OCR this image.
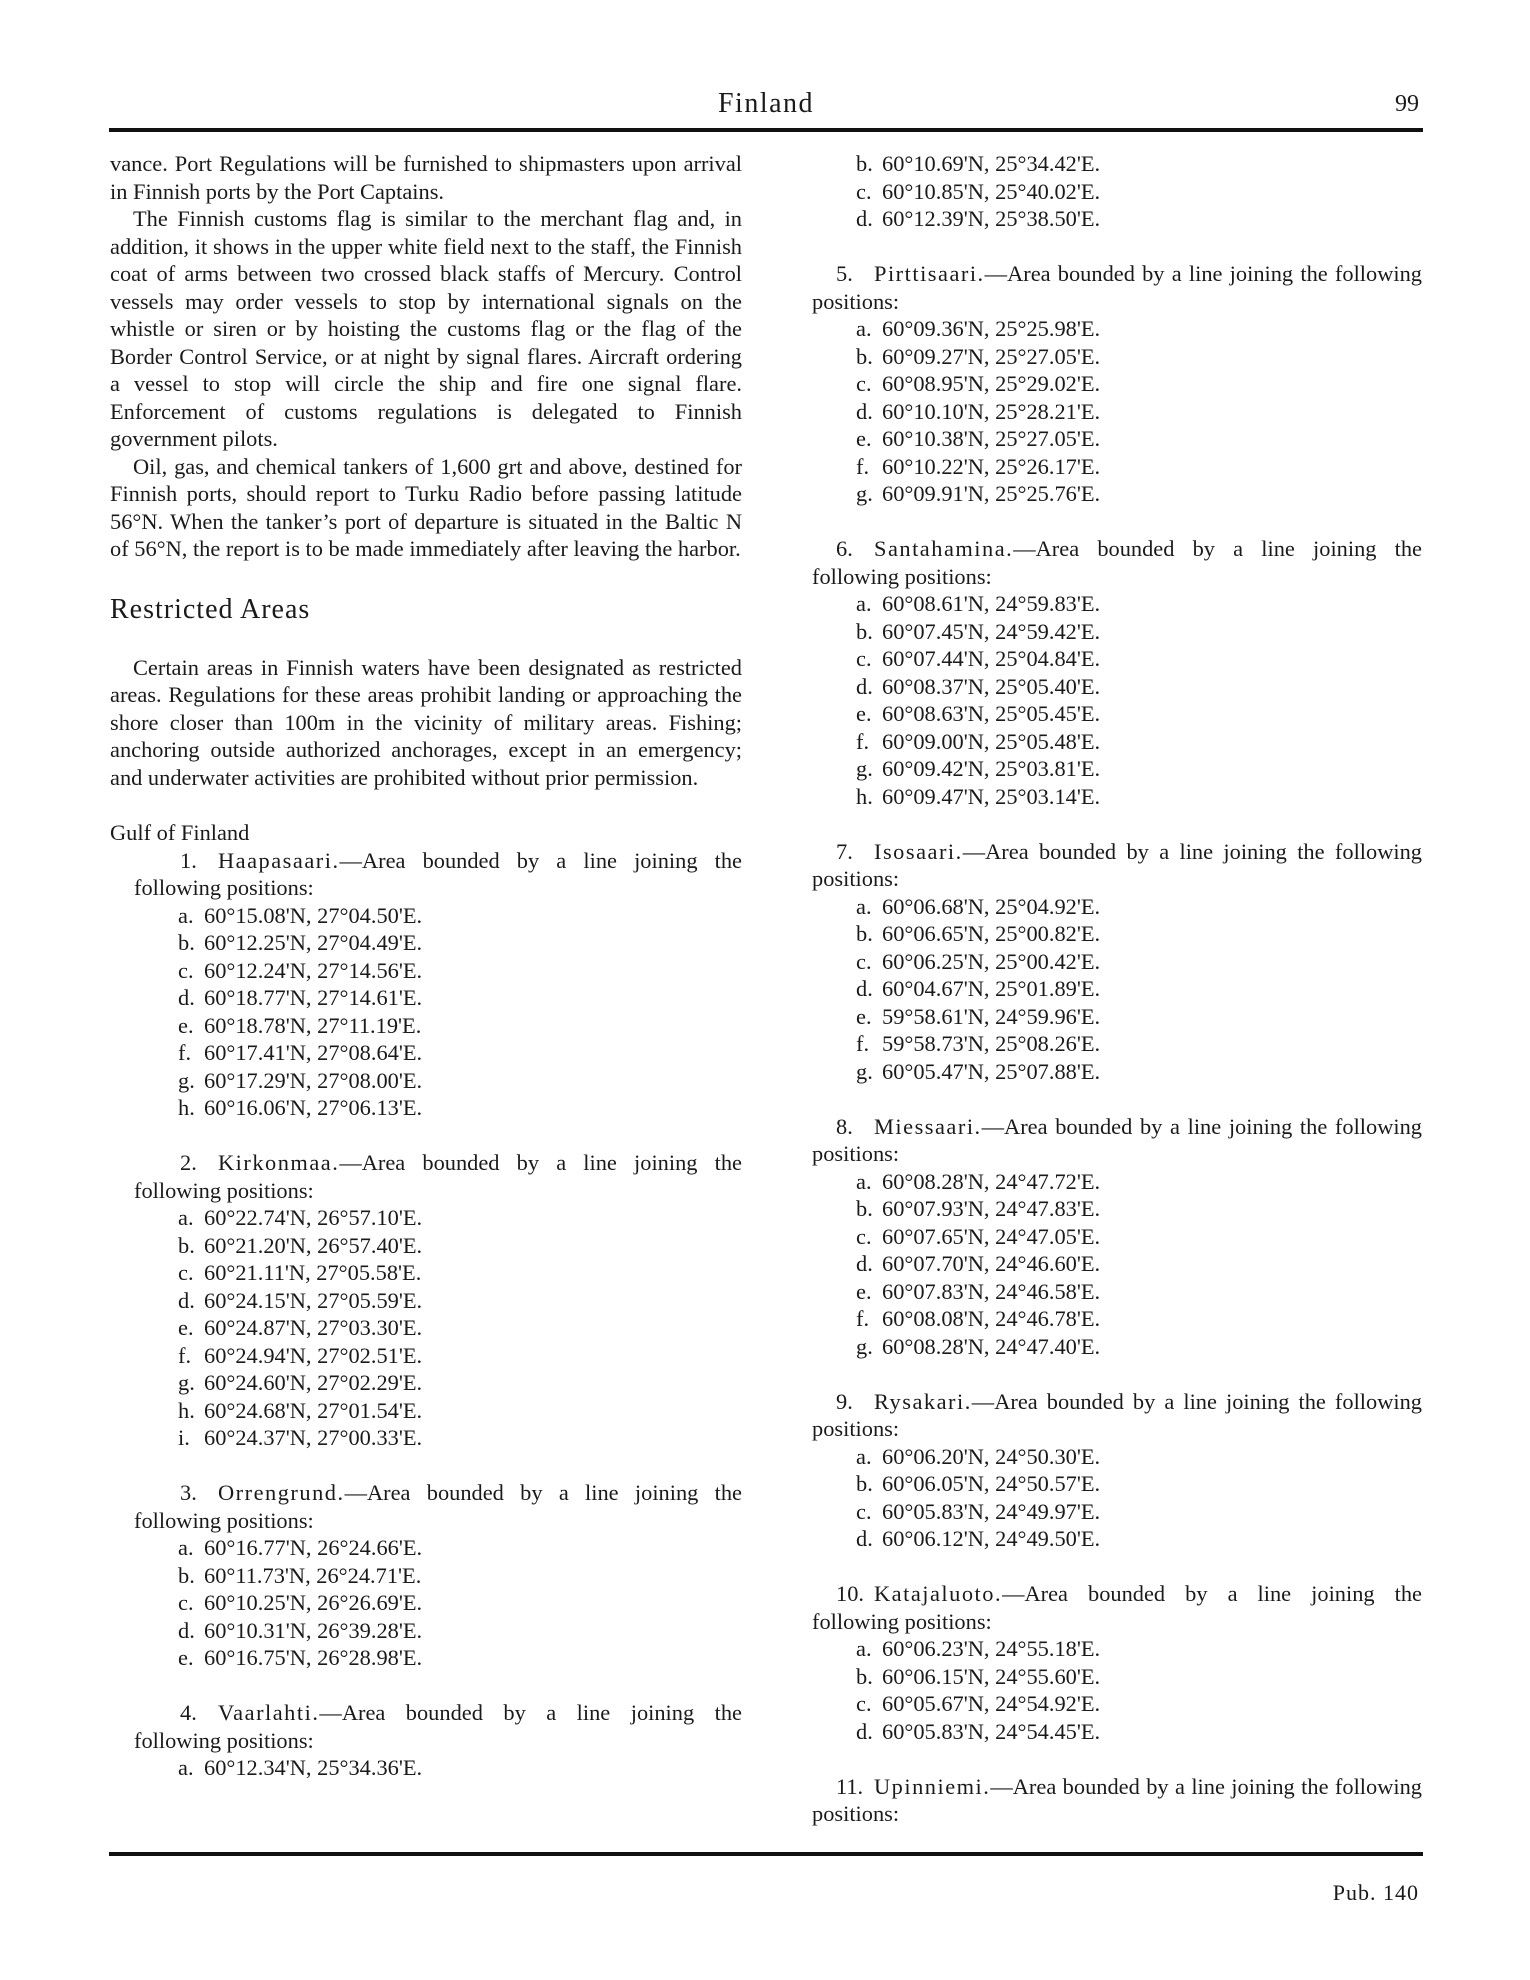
Finland	99

vance. Port Regulations will be furnished to shipmasters upon arrival in Finnish ports by the Port Captains.

The Finnish customs flag is similar to the merchant flag and, in addition, it shows in the upper white field next to the staff, the Finnish coat of arms between two crossed black staffs of Mercury. Control vessels may order vessels to stop by international signals on the whistle or siren or by hoisting the customs flag or the flag of the Border Control Service, or at night by signal flares. Aircraft ordering a vessel to stop will circle the ship and fire one signal flare. Enforcement of customs regulations is delegated to Finnish government pilots.

Oil, gas, and chemical tankers of 1,600 grt and above, destined for Finnish ports, should report to Turku Radio before passing latitude 56°N. When the tanker’s port of departure is situated in the Baltic N of 56°N, the report is to be made immediately after leaving the harbor.

Restricted Areas

Certain areas in Finnish waters have been designated as restricted areas. Regulations for these areas prohibit landing or approaching the shore closer than 100m in the vicinity of military areas. Fishing; anchoring outside authorized anchorages, except in an emergency; and underwater activities are prohibited without prior permission.

Gulf of Finland
1. Haapasaari.—Area bounded by a line joining the following positions:
a. 60°15.08'N, 27°04.50'E.
b. 60°12.25'N, 27°04.49'E.
c. 60°12.24'N, 27°14.56'E.
d. 60°18.77'N, 27°14.61'E.
e. 60°18.78'N, 27°11.19'E.
f. 60°17.41'N, 27°08.64'E.
g. 60°17.29'N, 27°08.00'E.
h. 60°16.06'N, 27°06.13'E.
2. Kirkonmaa.—Area bounded by a line joining the following positions:
a. 60°22.74'N, 26°57.10'E.
b. 60°21.20'N, 26°57.40'E.
c. 60°21.11'N, 27°05.58'E.
d. 60°24.15'N, 27°05.59'E.
e. 60°24.87'N, 27°03.30'E.
f. 60°24.94'N, 27°02.51'E.
g. 60°24.60'N, 27°02.29'E.
h. 60°24.68'N, 27°01.54'E.
i. 60°24.37'N, 27°00.33'E.
3. Orrengrund.—Area bounded by a line joining the following positions:
a. 60°16.77'N, 26°24.66'E.
b. 60°11.73'N, 26°24.71'E.
c. 60°10.25'N, 26°26.69'E.
d. 60°10.31'N, 26°39.28'E.
e. 60°16.75'N, 26°28.98'E.
4. Vaarlahti.—Area bounded by a line joining the following positions:
a. 60°12.34'N, 25°34.36'E.
b. 60°10.69'N, 25°34.42'E.
c. 60°10.85'N, 25°40.02'E.
d. 60°12.39'N, 25°38.50'E.
5. Pirttisaari.—Area bounded by a line joining the following positions:
a. 60°09.36'N, 25°25.98'E.
b. 60°09.27'N, 25°27.05'E.
c. 60°08.95'N, 25°29.02'E.
d. 60°10.10'N, 25°28.21'E.
e. 60°10.38'N, 25°27.05'E.
f. 60°10.22'N, 25°26.17'E.
g. 60°09.91'N, 25°25.76'E.
6. Santahamina.—Area bounded by a line joining the following positions:
a. 60°08.61'N, 24°59.83'E.
b. 60°07.45'N, 24°59.42'E.
c. 60°07.44'N, 25°04.84'E.
d. 60°08.37'N, 25°05.40'E.
e. 60°08.63'N, 25°05.45'E.
f. 60°09.00'N, 25°05.48'E.
g. 60°09.42'N, 25°03.81'E.
h. 60°09.47'N, 25°03.14'E.
7. Isosaari.—Area bounded by a line joining the following positions:
a. 60°06.68'N, 25°04.92'E.
b. 60°06.65'N, 25°00.82'E.
c. 60°06.25'N, 25°00.42'E.
d. 60°04.67'N, 25°01.89'E.
e. 59°58.61'N, 24°59.96'E.
f. 59°58.73'N, 25°08.26'E.
g. 60°05.47'N, 25°07.88'E.
8. Miessaari.—Area bounded by a line joining the following positions:
a. 60°08.28'N, 24°47.72'E.
b. 60°07.93'N, 24°47.83'E.
c. 60°07.65'N, 24°47.05'E.
d. 60°07.70'N, 24°46.60'E.
e. 60°07.83'N, 24°46.58'E.
f. 60°08.08'N, 24°46.78'E.
g. 60°08.28'N, 24°47.40'E.
9. Rysakari.—Area bounded by a line joining the following positions:
a. 60°06.20'N, 24°50.30'E.
b. 60°06.05'N, 24°50.57'E.
c. 60°05.83'N, 24°49.97'E.
d. 60°06.12'N, 24°49.50'E.
10. Katajaluoto.—Area bounded by a line joining the following positions:
a. 60°06.23'N, 24°55.18'E.
b. 60°06.15'N, 24°55.60'E.
c. 60°05.67'N, 24°54.92'E.
d. 60°05.83'N, 24°54.45'E.
11. Upinniemi.—Area bounded by a line joining the following positions:
Pub. 140
